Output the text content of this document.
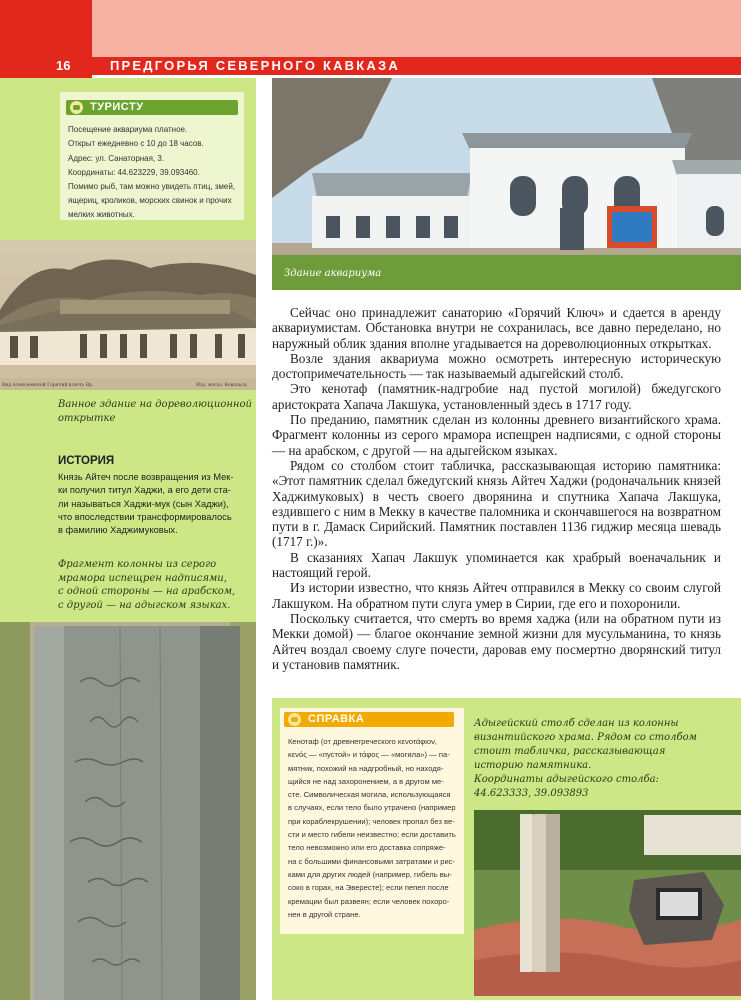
16	ПРЕДГОРЬЯ СЕВЕРНОГО КАВКАЗА
ТУРИСТУ
Посещение аквариума платное.
Открыт ежедневно с 10 до 18 часов.
Адрес: ул. Санаторная, 3.
Координаты: 44.623229, 39.093460.
Помимо рыб, там можно увидеть птиц, змей,
ящериц, кроликов, морских свинок и прочих
мелких животных.
Вид Алексеевской Горячий ключъ Вр.	Изд. магаз. Ковальск.
Ванное здание на дореволюционной
открытке
ИСТОРИЯ
Князь Айтеч после возвращения из Мек-
ки получил титул Хаджи, а его дети ста-
ли называться Хаджи-мук (сын Хаджи),
что впоследствии трансформировалось
в фамилию Хаджимуковых.
Фрагмент колонны из серого
мрамора испещрен надписями,
с одной стороны — на арабском,
с другой — на адыгском языках.
Здание аквариума

Сейчас оно принадлежит санаторию «Горячий Ключ» и сдается в аренду аквариумистам. Обстановка внутри не сохранилась, все давно переделано, но наружный облик здания вполне угадывается на дореволюционных открытках.

Возле здания аквариума можно осмотреть интересную историческую достопримечательность — так называемый адыгейский столб.

Это кенотаф (памятник-надгробие над пустой могилой) бжедугского аристократа Хапача Лакшука, установленный здесь в 1717 году.

По преданию, памятник сделан из колонны древнего византийского храма. Фрагмент колонны из серого мрамора испещрен надписями, с одной стороны — на арабском, с другой — на адыгейском языках.

Рядом со столбом стоит табличка, рассказывающая историю памятника: «Этот памятник сделал бжедугский князь Айтеч Хаджи (родоначальник князей Хаджимуковых) в честь своего дворянина и спутника Хапача Лакшука, ездившего с ним в Мекку в качестве паломника и скончавшегося на возвратном пути в г. Дамаск Сирийский. Памятник поставлен 1136 гиджир месяца шевадь (1717 г.)».

В сказаниях Хапач Лакшук упоминается как храбрый военачальник и настоящий герой.

Из истории известно, что князь Айтеч отправился в Мекку со своим слугой Лакшуком. На обратном пути слуга умер в Сирии, где его и похоронили.

Поскольку считается, что смерть во время хаджа (или на обратном пути из Мекки домой) — благое окончание земной жизни для мусульманина, то князь Айтеч воздал своему слуге почести, даровав ему посмертно дворянский титул и установив памятник.

СПРАВКА
Кенотаф (от древнегреческого κενοτάφιον,
κενός — «пустой» и τάφος — «могила») — па-
мятник, похожий на надгробный, но находя-
щийся не над захоронением, а в другом ме-
сте. Символическая могила, использующаяся
в случаях, если тело было утрачено (например
при кораблекрушении); человек пропал без ве-
сти и место гибели неизвестно; если доставить
тело невозможно или его доставка сопряже-
на с большими финансовыми затратами и рис-
ками для других людей (например, гибель вы-
соко в горах, на Эвересте); если пепел после
кремации был развеян; если человек похоро-
нен в другой стране.
Адыгейский столб сделан из колонны
византийского храма. Рядом со столбом
стоит табличка, рассказывающая
историю памятника.
Координаты адыгейского столба:
44.623333, 39.093893
